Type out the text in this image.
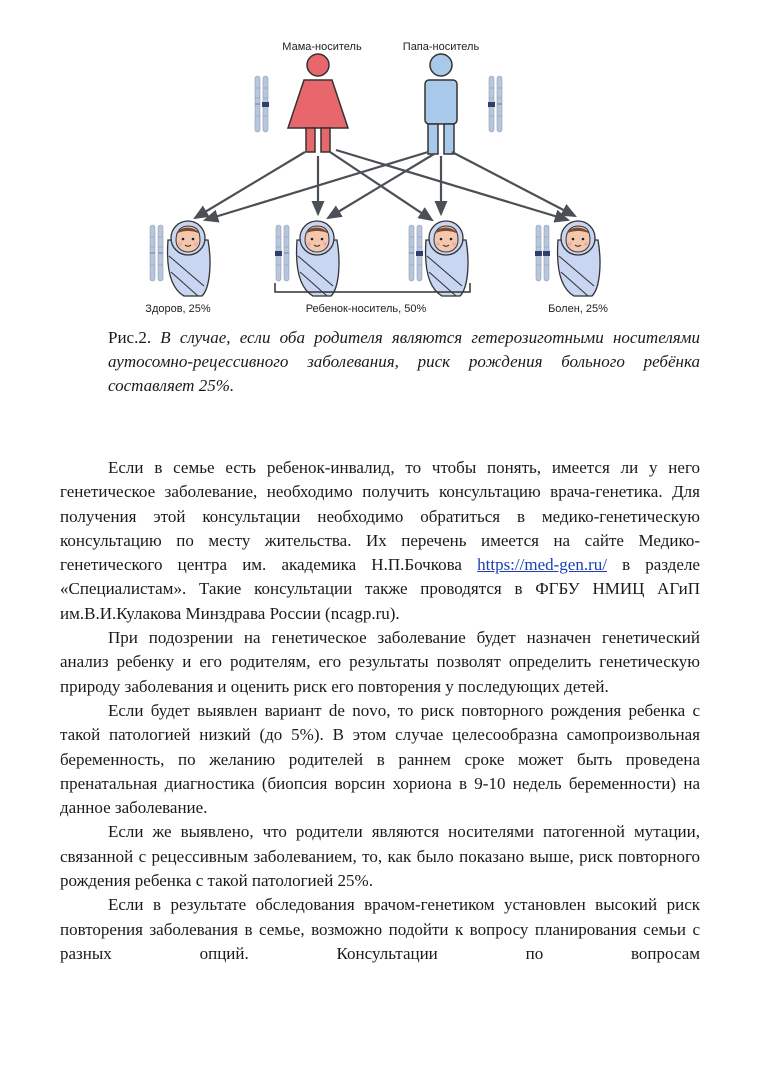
Мама-носитель	Папа-носитель
Здоров, 25%	Ребенок-носитель, 50%	Болен, 25%
Рис.2. В случае, если оба родителя являются гетерозиготными носителями аутосомно-рецессивного заболевания, риск рождения больного ребёнка составляет 25%.

Если в семье есть ребенок-инвалид, то чтобы понять, имеется ли у него генетическое заболевание, необходимо получить консультацию врача-генетика. Для получения этой консультации необходимо обратиться в медико-генетическую консультацию по месту жительства. Их перечень имеется на сайте Медико-генетического центра им. академика Н.П.Бочкова https://med-gen.ru/ в разделе «Специалистам». Такие консультации также проводятся в ФГБУ НМИЦ АГиП им.В.И.Кулакова Минздрава России (ncagp.ru).

При подозрении на генетическое заболевание будет назначен генетический анализ ребенку и его родителям, его результаты позволят определить генетическую природу заболевания и оценить риск его повторения у последующих детей.

Если будет выявлен вариант de novo, то риск повторного рождения ребенка с такой патологией низкий (до 5%). В этом случае целесообразна самопроизвольная беременность, по желанию родителей в раннем сроке может быть проведена пренатальная диагностика (биопсия ворсин хориона в 9-10 недель беременности) на данное заболевание.

Если же выявлено, что родители являются носителями патогенной мутации, связанной с рецессивным заболеванием, то, как было показано выше, риск повторного рождения ребенка с такой патологией 25%.

Если в результате обследования врачом-генетиком установлен высокий риск повторения заболевания в семье, возможно подойти к вопросу планирования семьи с разных опций. Консультации по вопросам
